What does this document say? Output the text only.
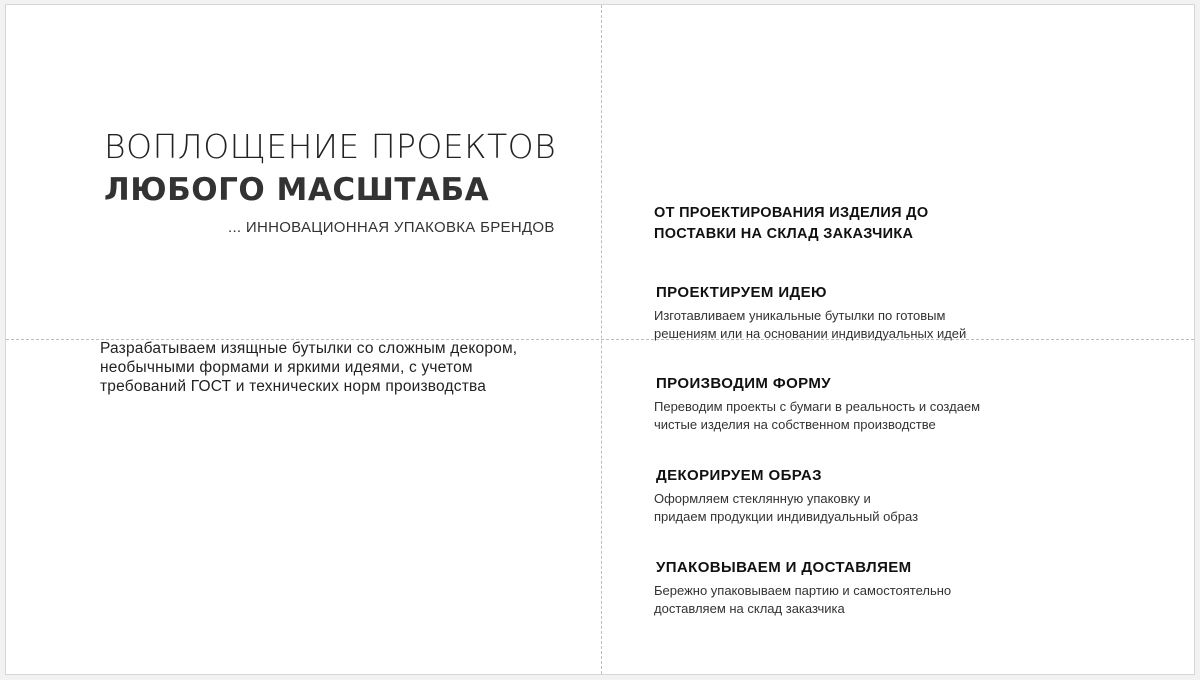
ВОПЛОЩЕНИЕ ПРОЕКТОВ
ЛЮБОГО МАСШТАБА
... ИННОВАЦИОННАЯ УПАКОВКА БРЕНДОВ

Разрабатываем изящные бутылки со сложным декором, необычными формами и яркими идеями, с учетом требований ГОСТ и технических норм производства

ОТ ПРОЕКТИРОВАНИЯ ИЗДЕЛИЯ ДО ПОСТАВКИ НА СКЛАД ЗАКАЗЧИКА
ПРОЕКТИРУЕМ ИДЕЮ
Изготавливаем уникальные бутылки по готовым
решениям или на основании индивидуальных идей
ПРОИЗВОДИМ ФОРМУ
Переводим проекты с бумаги в реальность и создаем
чистые изделия на собственном производстве
ДЕКОРИРУЕМ ОБРАЗ
Оформляем стеклянную упаковку и
придаем продукции индивидуальный образ
УПАКОВЫВАЕМ И ДОСТАВЛЯЕМ
Бережно упаковываем партию и самостоятельно
доставляем на склад заказчика
